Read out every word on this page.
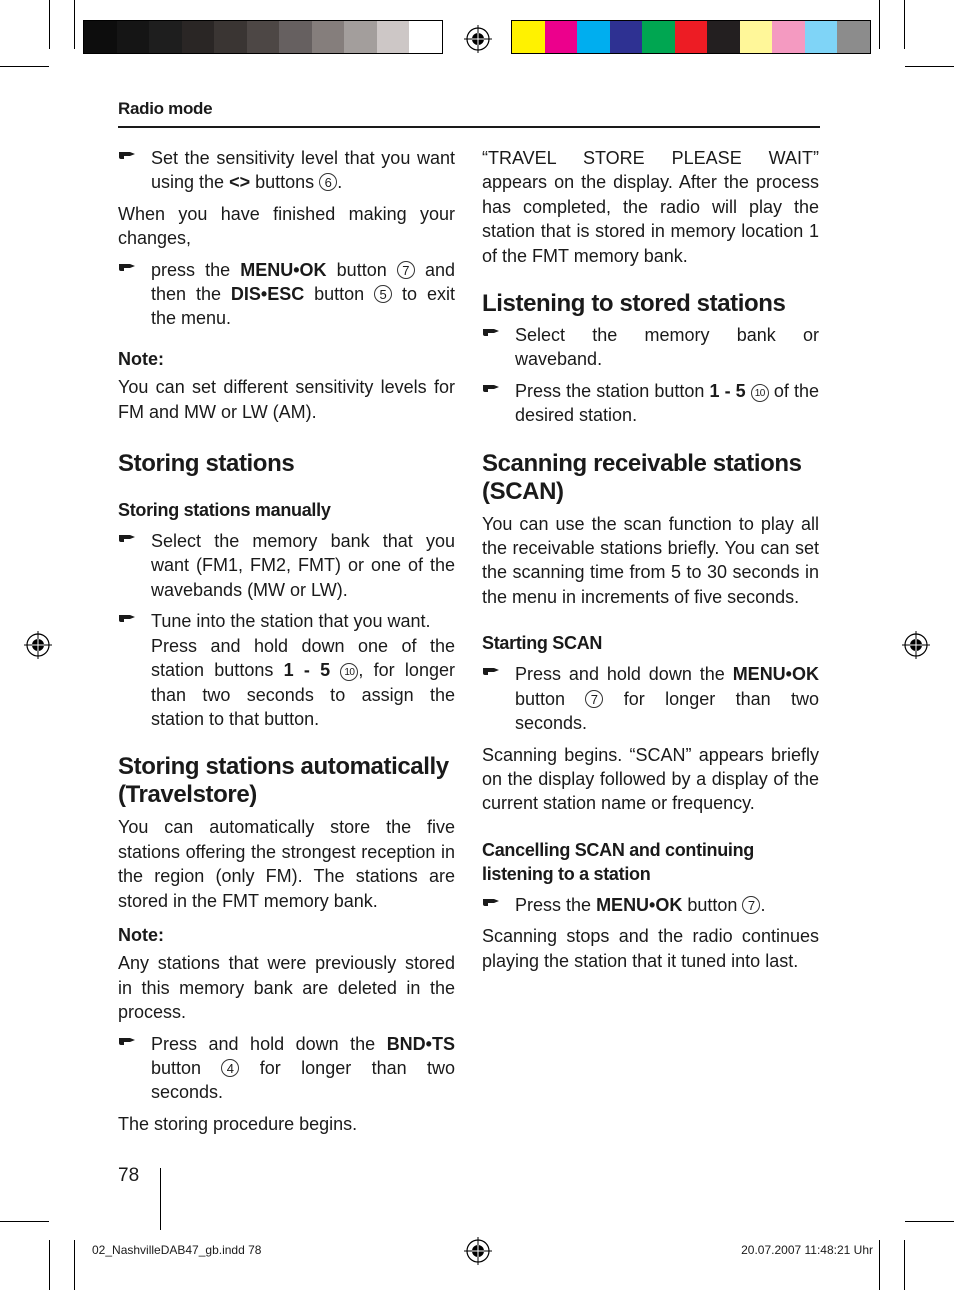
Radio mode
Set the sensitivity level that you want using the <> buttons 6 .

When you have finished making your changes,

press the MENU•OK button 7 and then the DIS•ESC button 5 to exit the menu.

Note:

You can set different sensitivity levels for FM and MW or LW (AM).

Storing stations
Storing stations manually
Select the memory bank that you want (FM1, FM2, FMT) or one of the wavebands (MW or LW).
Tune into the station that you want.
Press and hold down one of the station buttons 1 - 5 10 , for longer than two seconds to assign the station to that button.
Storing stations automatically (Travelstore)

You can automatically store the five stations offering the strongest reception in the region (only FM). The stations are stored in the FMT memory bank.

Note:

Any stations that were previously stored in this memory bank are deleted in the process.

Press and hold down the BND•TS button 4 for longer than two seconds.

The storing procedure begins.

“TRAVEL STORE PLEASE WAIT” appears on the display. After the process has completed, the radio will play the station that is stored in memory location 1 of the FMT memory bank.

Listening to stored stations
Select the memory bank or waveband.
Press the station button 1 - 5 10 of the desired station.
Scanning receivable stations (SCAN)

You can use the scan function to play all the receivable stations briefly. You can set the scanning time from 5 to 30 seconds in the menu in increments of five seconds.

Starting SCAN
Press and hold down the MENU•OK button 7 for longer than two seconds.

Scanning begins. “SCAN” appears briefly on the display followed by a display of the current station name or frequency.

Cancelling SCAN and continuing listening to a station
Press the MENU•OK button 7 .

Scanning stops and the radio continues playing the station that it tuned into last.

78
02_NashvilleDAB47_gb.indd 78	20.07.2007 11:48:21 Uhr
